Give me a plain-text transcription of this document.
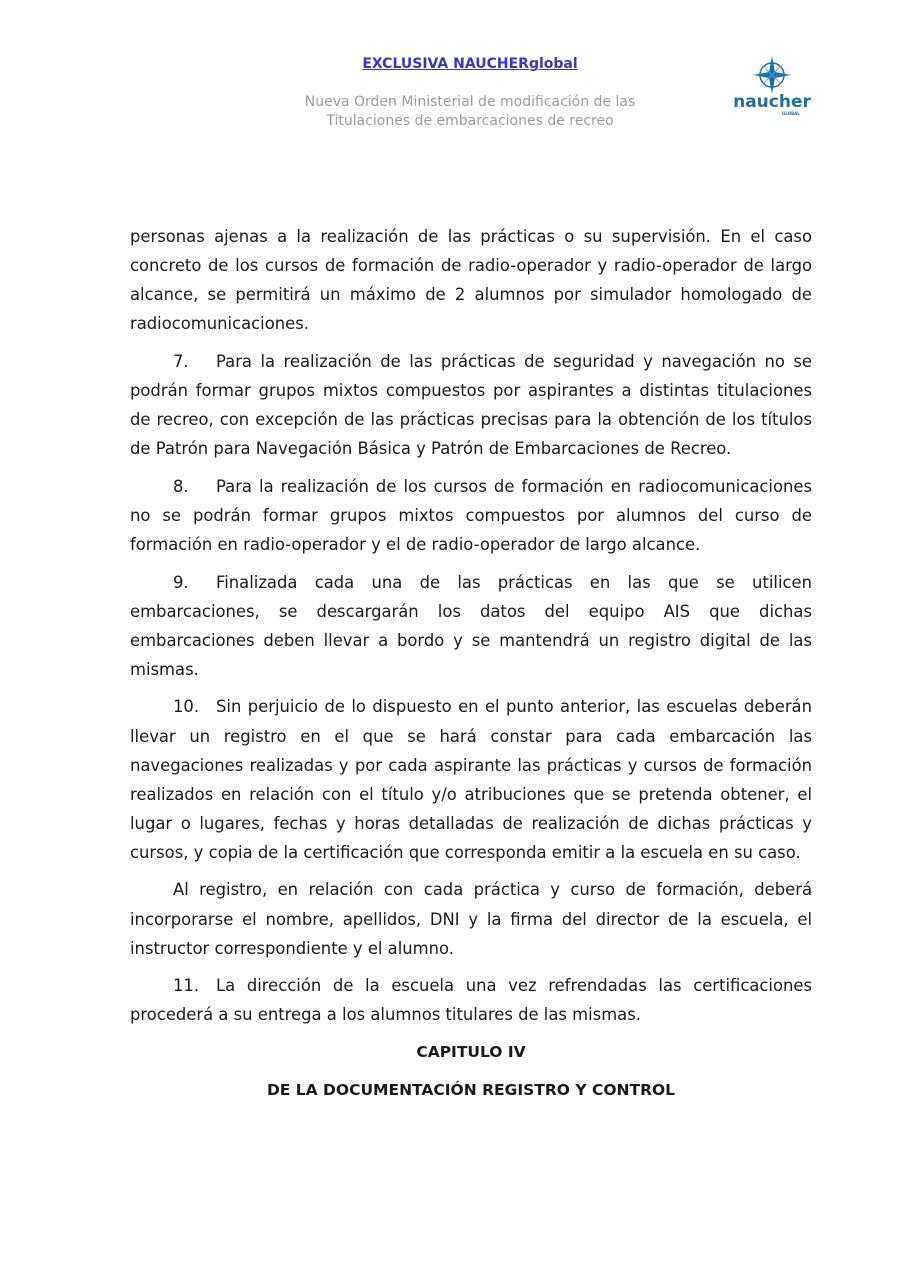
EXCLUSIVA NAUCHERglobal
Nueva Orden Ministerial de modificación de las
Titulaciones de embarcaciones de recreo
naucher
GLOBAL

personas ajenas a la realización de las prácticas o su supervisión. En el caso concreto de los cursos de formación de radio-operador y radio-operador de largo alcance, se permitirá un máximo de 2 alumnos por simulador homologado de radiocomunicaciones.

7. Para la realización de las prácticas de seguridad y navegación no se podrán formar grupos mixtos compuestos por aspirantes a distintas titulaciones de recreo, con excepción de las prácticas precisas para la obtención de los títulos de Patrón para Navegación Básica y Patrón de Embarcaciones de Recreo.

8. Para la realización de los cursos de formación en radiocomunicaciones no se podrán formar grupos mixtos compuestos por alumnos del curso de formación en radio-operador y el de radio-operador de largo alcance.

9. Finalizada cada una de las prácticas en las que se utilicen embarcaciones, se descargarán los datos del equipo AIS que dichas embarcaciones deben llevar a bordo y se mantendrá un registro digital de las mismas.

10. Sin perjuicio de lo dispuesto en el punto anterior, las escuelas deberán llevar un registro en el que se hará constar para cada embarcación las navegaciones realizadas y por cada aspirante las prácticas y cursos de formación realizados en relación con el título y/o atribuciones que se pretenda obtener, el lugar o lugares, fechas y horas detalladas de realización de dichas prácticas y cursos, y copia de la certificación que corresponda emitir a la escuela en su caso.

Al registro, en relación con cada práctica y curso de formación, deberá incorporarse el nombre, apellidos, DNI y la firma del director de la escuela, el instructor correspondiente y el alumno.

11. La dirección de la escuela una vez refrendadas las certificaciones procederá a su entrega a los alumnos titulares de las mismas.

CAPITULO IV

DE LA DOCUMENTACIÓN REGISTRO Y CONTROL
